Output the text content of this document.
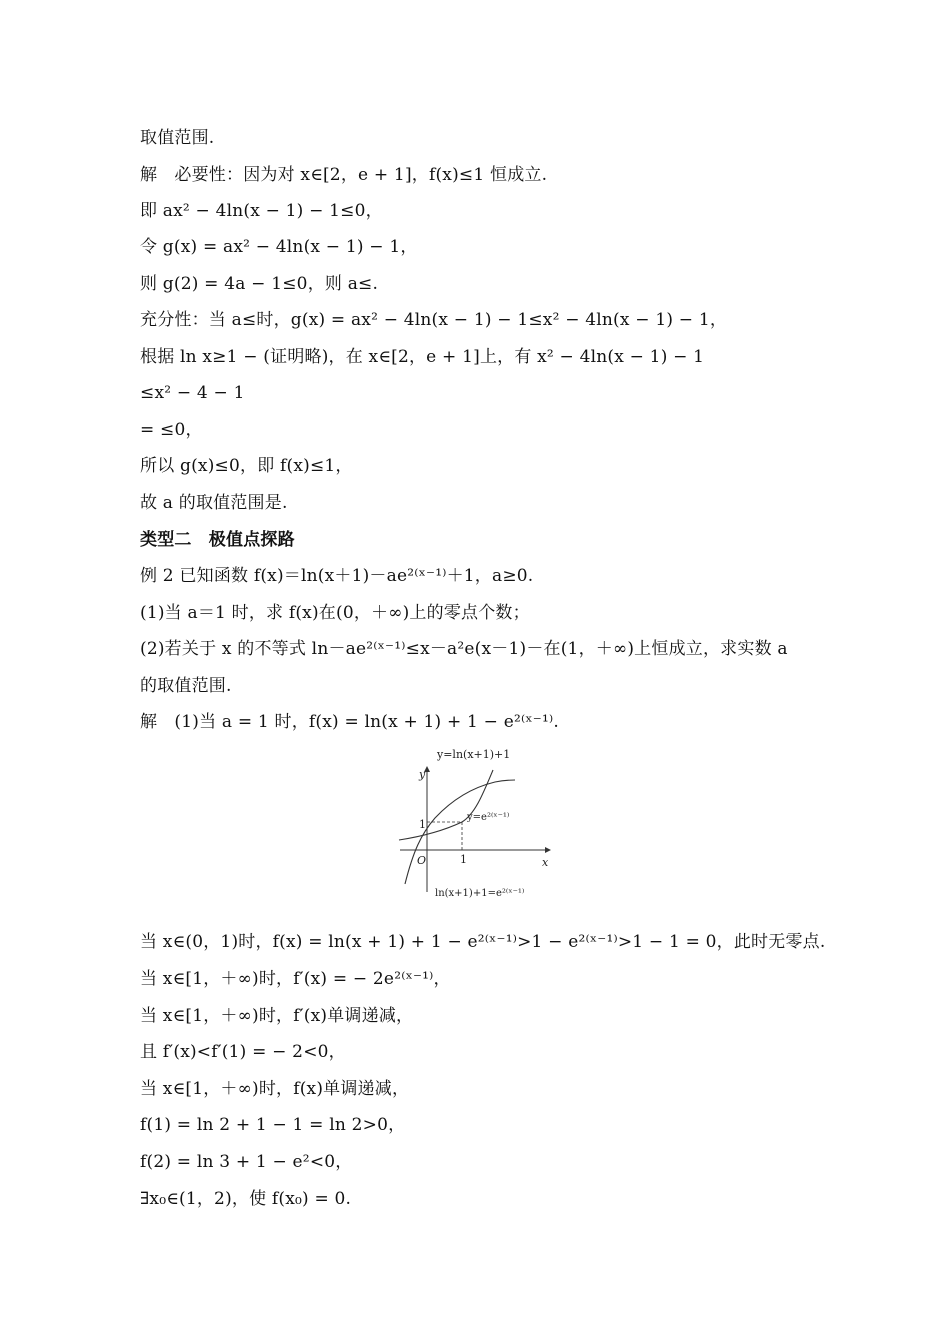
取值范围.
解　必要性：因为对 x∈[2，e + 1]，f(x)≤1 恒成立.
即 ax² − 4ln(x − 1) − 1≤0，
令 g(x) = ax² − 4ln(x − 1) − 1，
则 g(2) = 4a − 1≤0，则 a≤.
充分性：当 a≤时，g(x) = ax² − 4ln(x − 1) − 1≤x² − 4ln(x − 1) − 1，
根据 ln x≥1 − (证明略)，在 x∈[2，e + 1]上，有 x² − 4ln(x − 1) − 1
≤x² − 4 − 1
= ≤0，
所以 g(x)≤0，即 f(x)≤1，
故 a 的取值范围是.
类型二　极值点探路
例 2 已知函数 f(x)＝ln(x＋1)－ae²⁽ˣ⁻¹⁾＋1，a≥0.
(1)当 a＝1 时，求 f(x)在(0，＋∞)上的零点个数；
(2)若关于 x 的不等式 ln－ae²⁽ˣ⁻¹⁾≤x－a²e(x－1)－在(1，＋∞)上恒成立，求实数 a
的取值范围.
解　(1)当 a = 1 时，f(x) = ln(x + 1) + 1 − e²⁽ˣ⁻¹⁾.
y=ln(x+1)+1
y=e²⁽ˣ⁻¹⁾
ln(x+1)+1=e²⁽ˣ⁻¹⁾
x
y
O	1
1
当 x∈(0，1)时，f(x) = ln(x + 1) + 1 − e²⁽ˣ⁻¹⁾>1 − e²⁽ˣ⁻¹⁾>1 − 1 = 0，此时无零点.
当 x∈[1，＋∞)时，f′(x) = − 2e²⁽ˣ⁻¹⁾，
当 x∈[1，＋∞)时，f′(x)单调递减，
且 f′(x)<f′(1) = − 2<0，
当 x∈[1，＋∞)时，f(x)单调递减，
f(1) = ln 2 + 1 − 1 = ln 2>0，
f(2) = ln 3 + 1 − e²<0，
∃x₀∈(1，2)，使 f(x₀) = 0.
